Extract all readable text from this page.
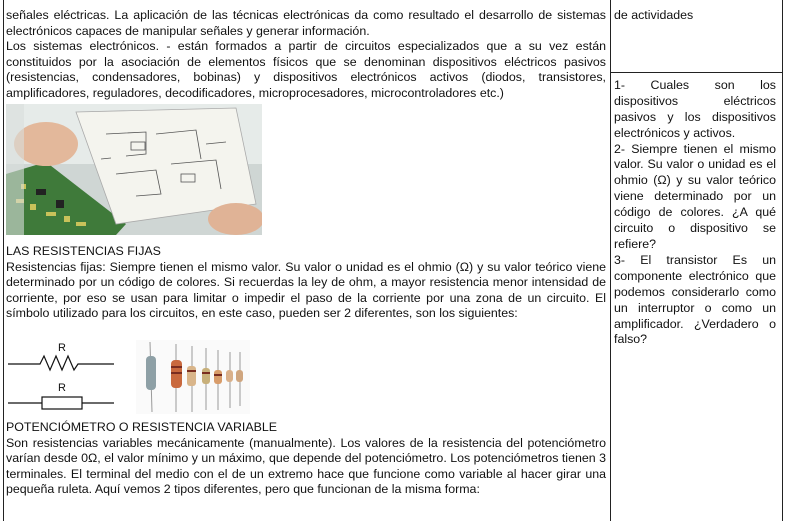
señales eléctricas. La aplicación de las técnicas electrónicas da como resultado el desarrollo de sistemas electrónicos capaces de manipular señales y generar información.

Los sistemas electrónicos. - están formados a partir de circuitos especializados que a su vez están constituidos por la asociación de elementos físicos que se denominan dispositivos eléctricos pasivos (resistencias, condensadores, bobinas) y dispositivos electrónicos activos (diodos, transistores, amplificadores, reguladores, decodificadores, microprocesadores, microcontroladores etc.)

LAS RESISTENCIAS FIJAS

Resistencias fijas: Siempre tienen el mismo valor. Su valor o unidad es el ohmio (Ω) y su valor teórico viene determinado por un código de colores. Si recuerdas la ley de ohm, a mayor resistencia menor intensidad de corriente, por eso se usan para limitar o impedir el paso de la corriente por una zona de un circuito. El símbolo utilizado para los circuitos, en este caso, pueden ser 2 diferentes, son los siguientes:

R
R

POTENCIÓMETRO O RESISTENCIA VARIABLE

Son resistencias variables mecánicamente (manualmente). Los valores de la resistencia del potenciómetro varían desde 0Ω, el valor mínimo y un máximo, que depende del potenciómetro. Los potenciómetros tienen 3 terminales. El terminal del medio con el de un extremo hace que funcione como variable al hacer girar una pequeña ruleta. Aquí vemos 2 tipos diferentes, pero que funcionan de la misma forma:

de actividades

1- Cuales son los dispositivos eléctricos pasivos y los dispositivos electrónicos y activos.

2- Siempre tienen el mismo valor. Su valor o unidad es el ohmio (Ω) y su valor teórico viene determinado por un código de colores. ¿A qué circuito o dispositivo se refiere?

3- El transistor Es un componente electrónico que podemos considerarlo como un interruptor o como un amplificador. ¿Verdadero o falso?
